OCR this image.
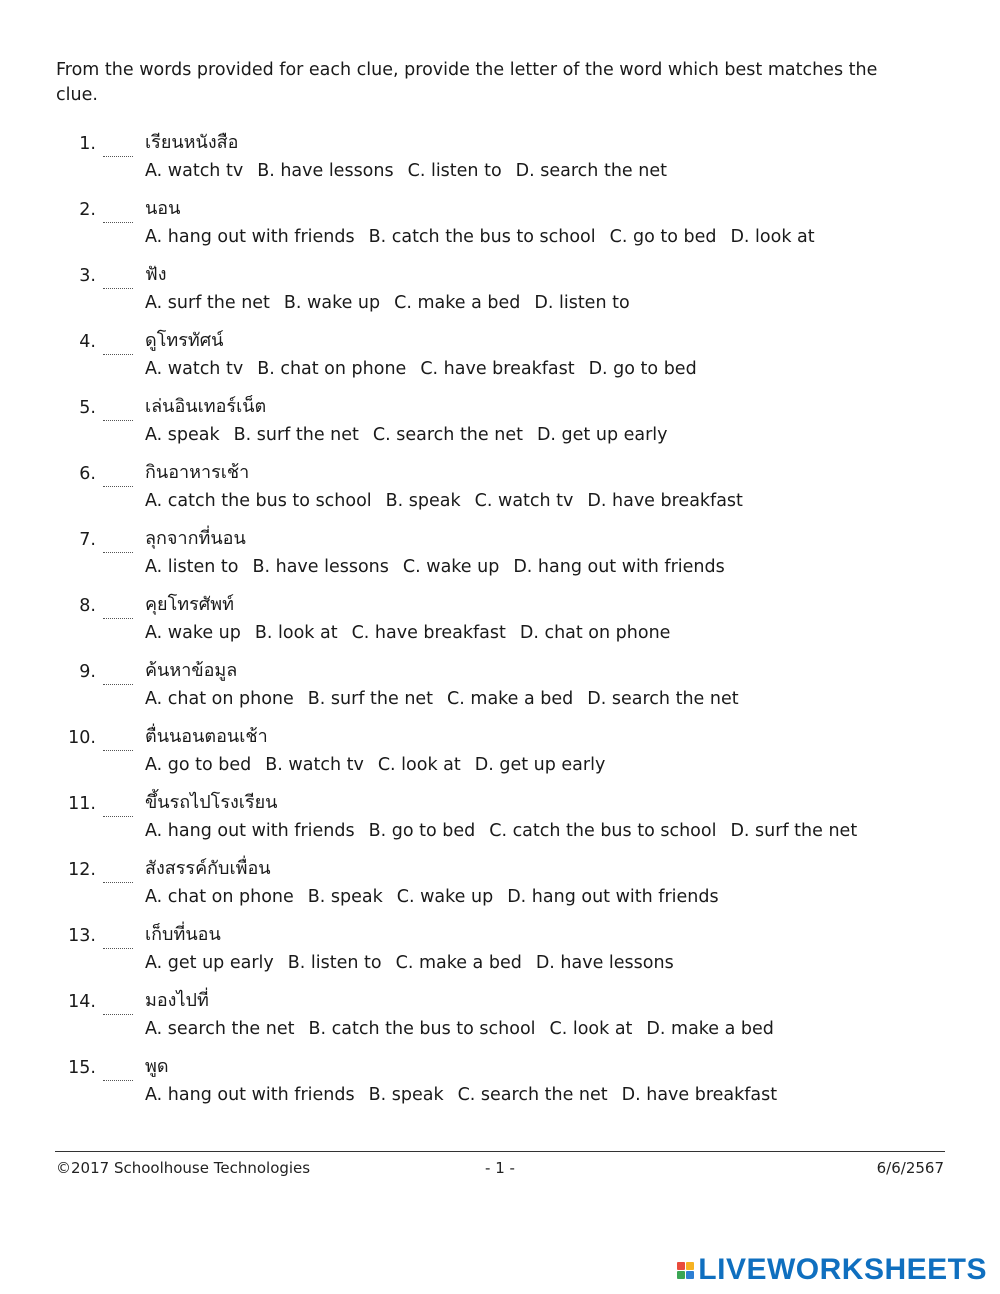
From the words provided for each clue, provide the letter of the word which best matches the clue.

1.	เรียนหนังสือ
A. watch tv B. have lessons C. listen to D. search the net
2.	นอน
A. hang out with friends B. catch the bus to school C. go to bed D. look at
3.	ฟัง
A. surf the net B. wake up C. make a bed D. listen to
4.	ดูโทรทัศน์
A. watch tv B. chat on phone C. have breakfast D. go to bed
5.	เล่นอินเทอร์เน็ต
A. speak B. surf the net C. search the net D. get up early
6.	กินอาหารเช้า
A. catch the bus to school B. speak C. watch tv D. have breakfast
7.	ลุกจากที่นอน
A. listen to B. have lessons C. wake up D. hang out with friends
8.	คุยโทรศัพท์
A. wake up B. look at C. have breakfast D. chat on phone
9.	ค้นหาข้อมูล
A. chat on phone B. surf the net C. make a bed D. search the net
10.	ตื่นนอนตอนเช้า
A. go to bed B. watch tv C. look at D. get up early
11.	ขึ้นรถไปโรงเรียน
A. hang out with friends B. go to bed C. catch the bus to school D. surf the net
12.	สังสรรค์กับเพื่อน
A. chat on phone B. speak C. wake up D. hang out with friends
13.	เก็บที่นอน
A. get up early B. listen to C. make a bed D. have lessons
14.	มองไปที่
A. search the net B. catch the bus to school C. look at D. make a bed
15.	พูด
A. hang out with friends B. speak C. search the net D. have breakfast
©2017 Schoolhouse Technologies	- 1 -	6/6/2567
LIVEWORKSHEETS
